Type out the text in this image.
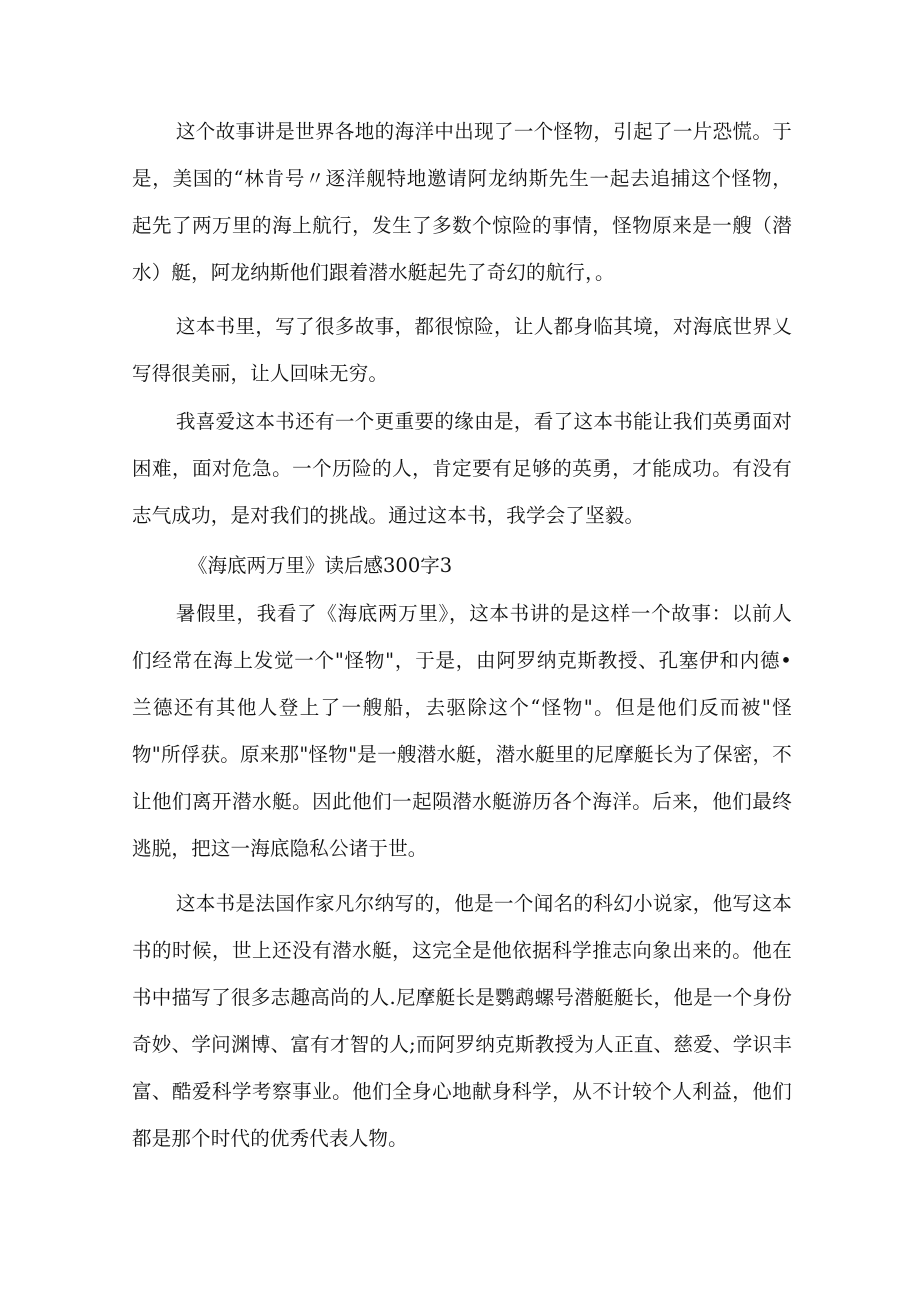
这个故事讲是世界各地的海洋中出现了一个怪物，引起了一片恐慌。于是，美国的“林肯号〃逐洋舰特地邀请阿龙纳斯先生一起去追捕这个怪物，起先了两万里的海上航行，发生了多数个惊险的事情，怪物原来是一艘（潜水）艇，阿龙纳斯他们跟着潜水艇起先了奇幻的航行，。

这本书里，写了很多故事，都很惊险，让人都身临其境，对海底世界乂写得很美丽，让人回味无穷。

我喜爱这本书还有一个更重要的缘由是，看了这本书能让我们英勇面对困难，面对危急。一个历险的人，肯定要有足够的英勇，才能成功。有没有志气成功，是对我们的挑战。通过这本书，我学会了坚毅。

《海底两万里》读后感300字3

暑假里，我看了《海底两万里》，这本书讲的是这样一个故事：以前人们经常在海上发觉一个"怪物"，于是，由阿罗纳克斯教授、孔塞伊和内德•兰德还有其他人登上了一艘船，去驱除这个“怪物"。但是他们反而被"怪物"所俘获。原来那"怪物"是一艘潜水艇，潜水艇里的尼摩艇长为了保密，不让他们离开潜水艇。因此他们一起陨潜水艇游历各个海洋。后来，他们最终逃脱，把这一海底隐私公诸于世。

这本书是法国作家凡尔纳写的，他是一个闻名的科幻小说家，他写这本书的时候，世上还没有潜水艇，这完全是他依据科学推志向象出来的。他在书中描写了很多志趣高尚的人.尼摩艇长是鹦鹉螺号潜艇艇长，他是一个身份奇妙、学问渊博、富有才智的人;而阿罗纳克斯教授为人正直、慈爱、学识丰富、酷爱科学考察事业。他们全身心地献身科学，从不计较个人利益，他们都是那个时代的优秀代表人物。
